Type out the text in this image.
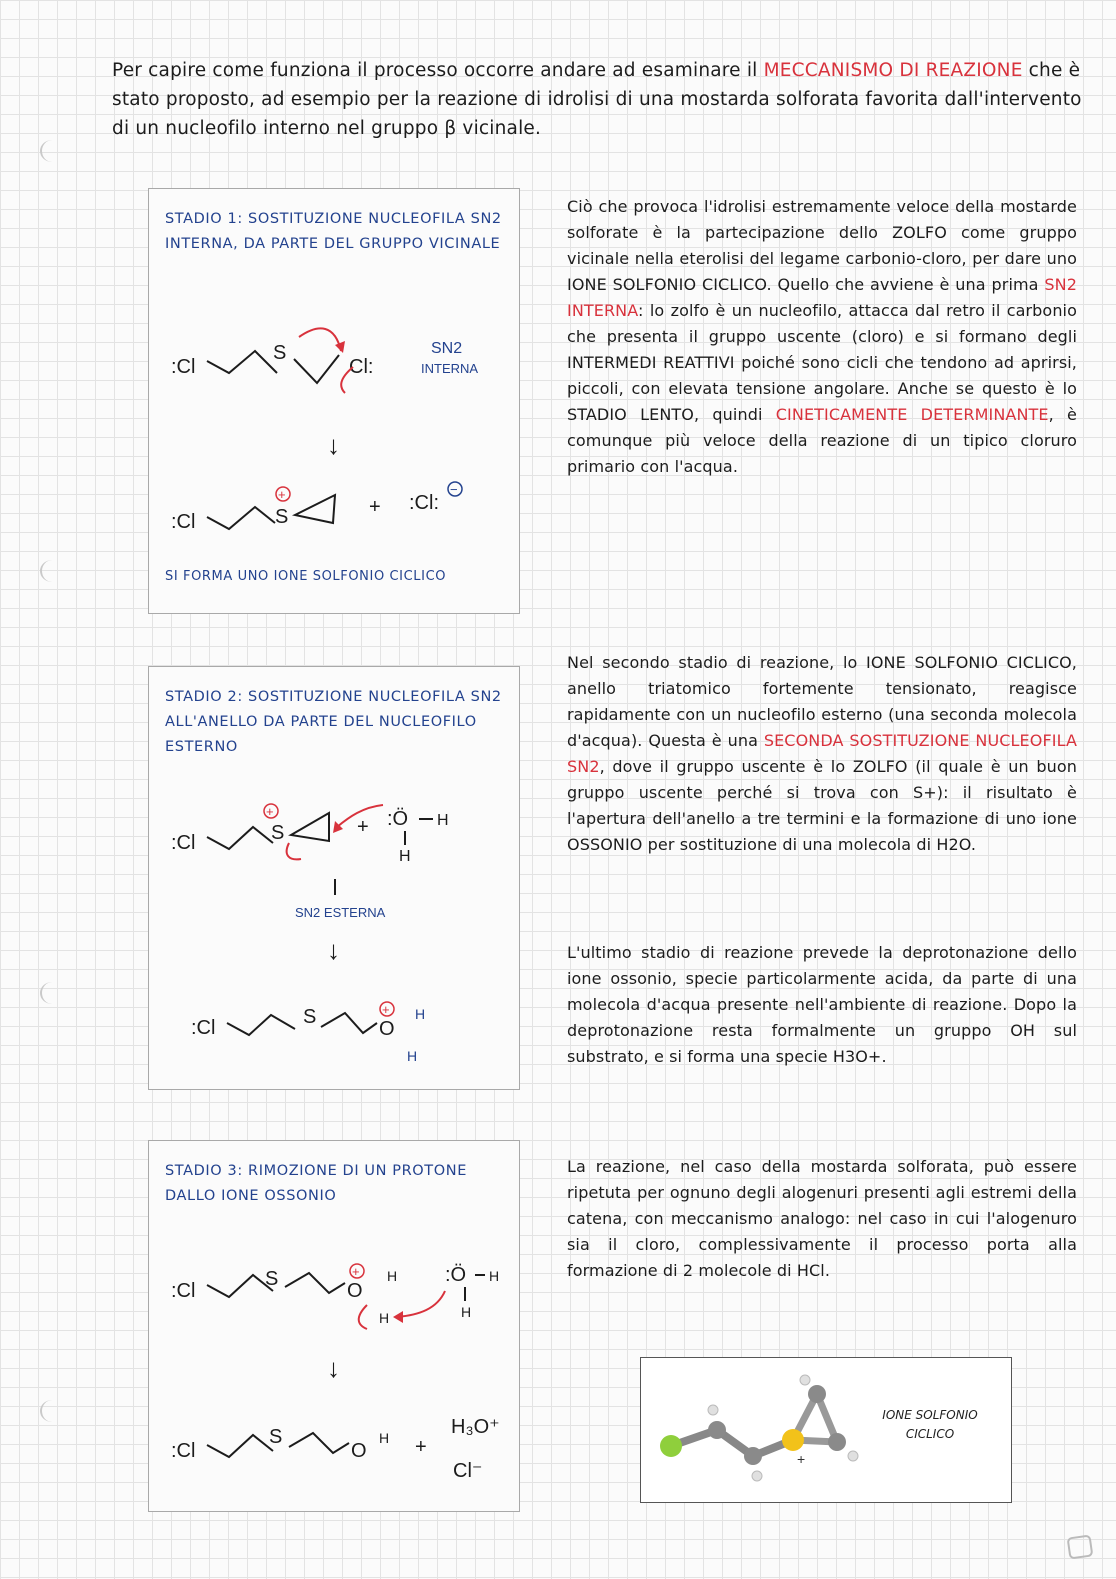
Per capire come funziona il processo occorre andare ad esaminare il MECCANISMO DI REAZIONE che è stato proposto, ad esempio per la reazione di idrolisi di una mostarda solforata favorita dall'intervento di un nucleofilo interno nel gruppo β vicinale.
STADIO 1: SOSTITUZIONE NUCLEOFILA SN2 INTERNA, DA PARTE DEL GRUPPO VICINALE
:Cl
S
Cl:
SN2
INTERNA
↓
:Cl	S
+
+ :Cl:
−
SI FORMA UNO IONE SOLFONIO CICLICO
STADIO 2: SOSTITUZIONE NUCLEOFILA SN2 ALL'ANELLO DA PARTE DEL NUCLEOFILO ESTERNO
:Cl	S
+
+ :Ö H
H
SN2 ESTERNA
↓
:Cl	S
O
+ H
H
STADIO 3: RIMOZIONE DI UN PROTONE DALLO IONE OSSONIO
:Cl
S
O
+ H
H
:Ö H
H
↓
:Cl
S
O
H +
H₃O⁺
Cl⁻
Ciò che provoca l'idrolisi estremamente veloce della mostarde solforate è la partecipazione dello ZOLFO come gruppo vicinale nella eterolisi del legame carbonio-cloro, per dare uno IONE SOLFONIO CICLICO. Quello che avviene è una prima SN2 INTERNA: lo zolfo è un nucleofilo, attacca dal retro il carbonio che presenta il gruppo uscente (cloro) e si formano degli INTERMEDI REATTIVI poiché sono cicli che tendono ad aprirsi, piccoli, con elevata tensione angolare. Anche se questo è lo STADIO LENTO, quindi CINETICAMENTE DETERMINANTE, è comunque più veloce della reazione di un tipico cloruro primario con l'acqua.
Nel secondo stadio di reazione, lo IONE SOLFONIO CICLICO, anello triatomico fortemente tensionato, reagisce rapidamente con un nucleofilo esterno (una seconda molecola d'acqua). Questa è una SECONDA SOSTITUZIONE NUCLEOFILA SN2, dove il gruppo uscente è lo ZOLFO (il quale è un buon gruppo uscente perché si trova con S+): il risultato è l'apertura dell'anello a tre termini e la formazione di uno ione OSSONIO per sostituzione di una molecola di H2O.
L'ultimo stadio di reazione prevede la deprotonazione dello ione ossonio, specie particolarmente acida, da parte di una molecola d'acqua presente nell'ambiente di reazione. Dopo la deprotonazione resta formalmente un gruppo OH sul substrato, e si forma una specie H3O+.
La reazione, nel caso della mostarda solforata, può essere ripetuta per ognuno degli alogenuri presenti agli estremi della catena, con meccanismo analogo: nel caso in cui l'alogenuro sia il cloro, complessivamente il processo porta alla formazione di 2 molecole di HCl.
+
IONE SOLFONIO
CICLICO
